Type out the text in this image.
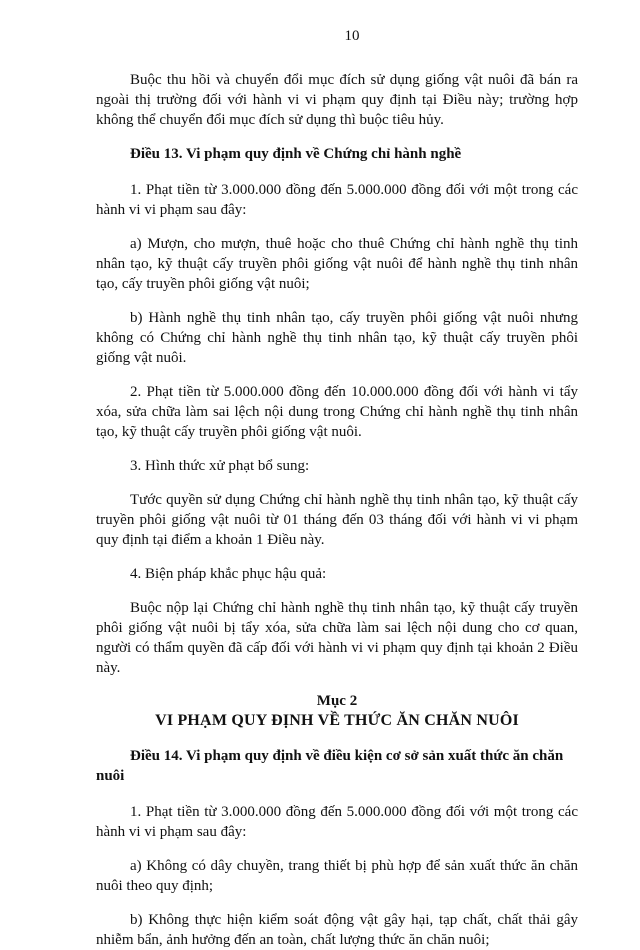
10

Buộc thu hồi và chuyển đổi mục đích sử dụng giống vật nuôi đã bán ra ngoài thị trường đối với hành vi vi phạm quy định tại Điều này; trường hợp không thể chuyển đổi mục đích sử dụng thì buộc tiêu hủy.

Điều 13. Vi phạm quy định về Chứng chỉ hành nghề

1. Phạt tiền từ 3.000.000 đồng đến 5.000.000 đồng đối với một trong các hành vi vi phạm sau đây:

a) Mượn, cho mượn, thuê hoặc cho thuê Chứng chỉ hành nghề thụ tinh nhân tạo, kỹ thuật cấy truyền phôi giống vật nuôi để hành nghề thụ tinh nhân tạo, cấy truyền phôi giống vật nuôi;

b) Hành nghề thụ tinh nhân tạo, cấy truyền phôi giống vật nuôi nhưng không có Chứng chỉ hành nghề thụ tinh nhân tạo, kỹ thuật cấy truyền phôi giống vật nuôi.

2. Phạt tiền từ 5.000.000 đồng đến 10.000.000 đồng đối với hành vi tẩy xóa, sửa chữa làm sai lệch nội dung trong Chứng chỉ hành nghề thụ tinh nhân tạo, kỹ thuật cấy truyền phôi giống vật nuôi.

3. Hình thức xử phạt bổ sung:

Tước quyền sử dụng Chứng chỉ hành nghề thụ tinh nhân tạo, kỹ thuật cấy truyền phôi giống vật nuôi từ 01 tháng đến 03 tháng đối với hành vi vi phạm quy định tại điểm a khoản 1 Điều này.

4. Biện pháp khắc phục hậu quả:

Buộc nộp lại Chứng chỉ hành nghề thụ tinh nhân tạo, kỹ thuật cấy truyền phôi giống vật nuôi bị tẩy xóa, sửa chữa làm sai lệch nội dung cho cơ quan, người có thẩm quyền đã cấp đối với hành vi vi phạm quy định tại khoản 2 Điều này.

Mục 2
VI PHẠM QUY ĐỊNH VỀ THỨC ĂN CHĂN NUÔI
Điều 14. Vi phạm quy định về điều kiện cơ sở sản xuất thức ăn chăn nuôi

1. Phạt tiền từ 3.000.000 đồng đến 5.000.000 đồng đối với một trong các hành vi vi phạm sau đây:

a) Không có dây chuyền, trang thiết bị phù hợp để sản xuất thức ăn chăn nuôi theo quy định;

b) Không thực hiện kiểm soát động vật gây hại, tạp chất, chất thải gây nhiễm bẩn, ảnh hưởng đến an toàn, chất lượng thức ăn chăn nuôi;
